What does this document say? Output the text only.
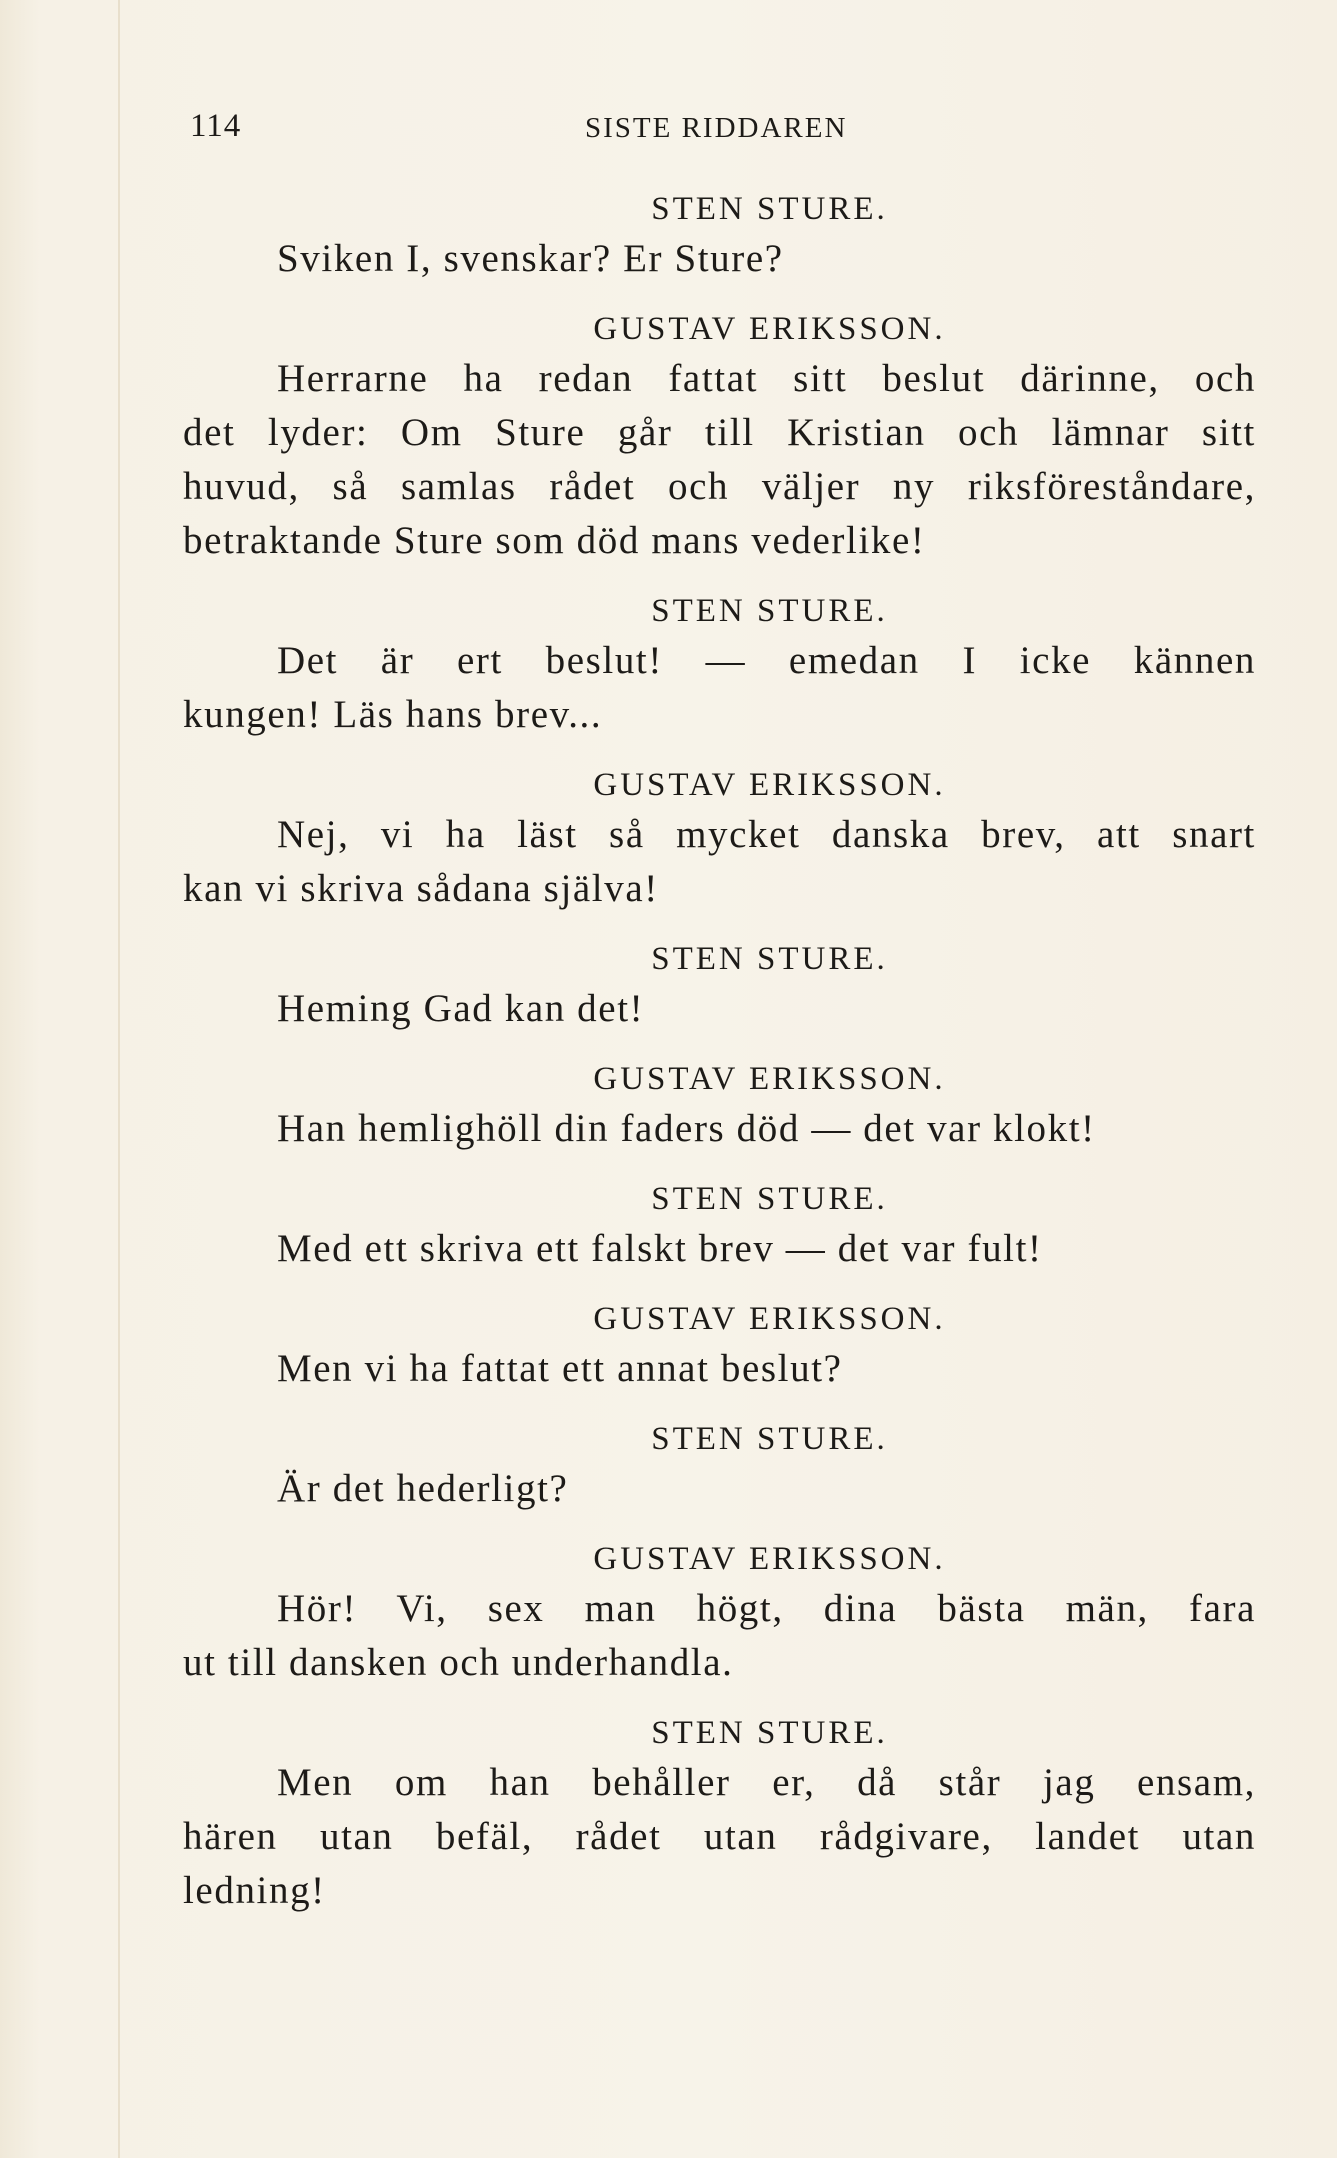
114	SISTE RIDDAREN
STEN STURE.
Sviken I, svenskar? Er Sture?
GUSTAV ERIKSSON.
Herrarne ha redan fattat sitt beslut därinne, och
det lyder: Om Sture går till Kristian och lämnar sitt
huvud, så samlas rådet och väljer ny riksföreståndare,
betraktande Sture som död mans vederlike!
STEN STURE.
Det är ert beslut! — emedan I icke kännen
kungen! Läs hans brev...
GUSTAV ERIKSSON.
Nej, vi ha läst så mycket danska brev, att snart
kan vi skriva sådana själva!
STEN STURE.
Heming Gad kan det!
GUSTAV ERIKSSON.
Han hemlighöll din faders död — det var klokt!
STEN STURE.
Med ett skriva ett falskt brev — det var fult!
GUSTAV ERIKSSON.
Men vi ha fattat ett annat beslut?
STEN STURE.
Är det hederligt?
GUSTAV ERIKSSON.
Hör! Vi, sex man högt, dina bästa män, fara
ut till dansken och underhandla.
STEN STURE.
Men om han behåller er, då står jag ensam,
hären utan befäl, rådet utan rådgivare, landet utan
ledning!
